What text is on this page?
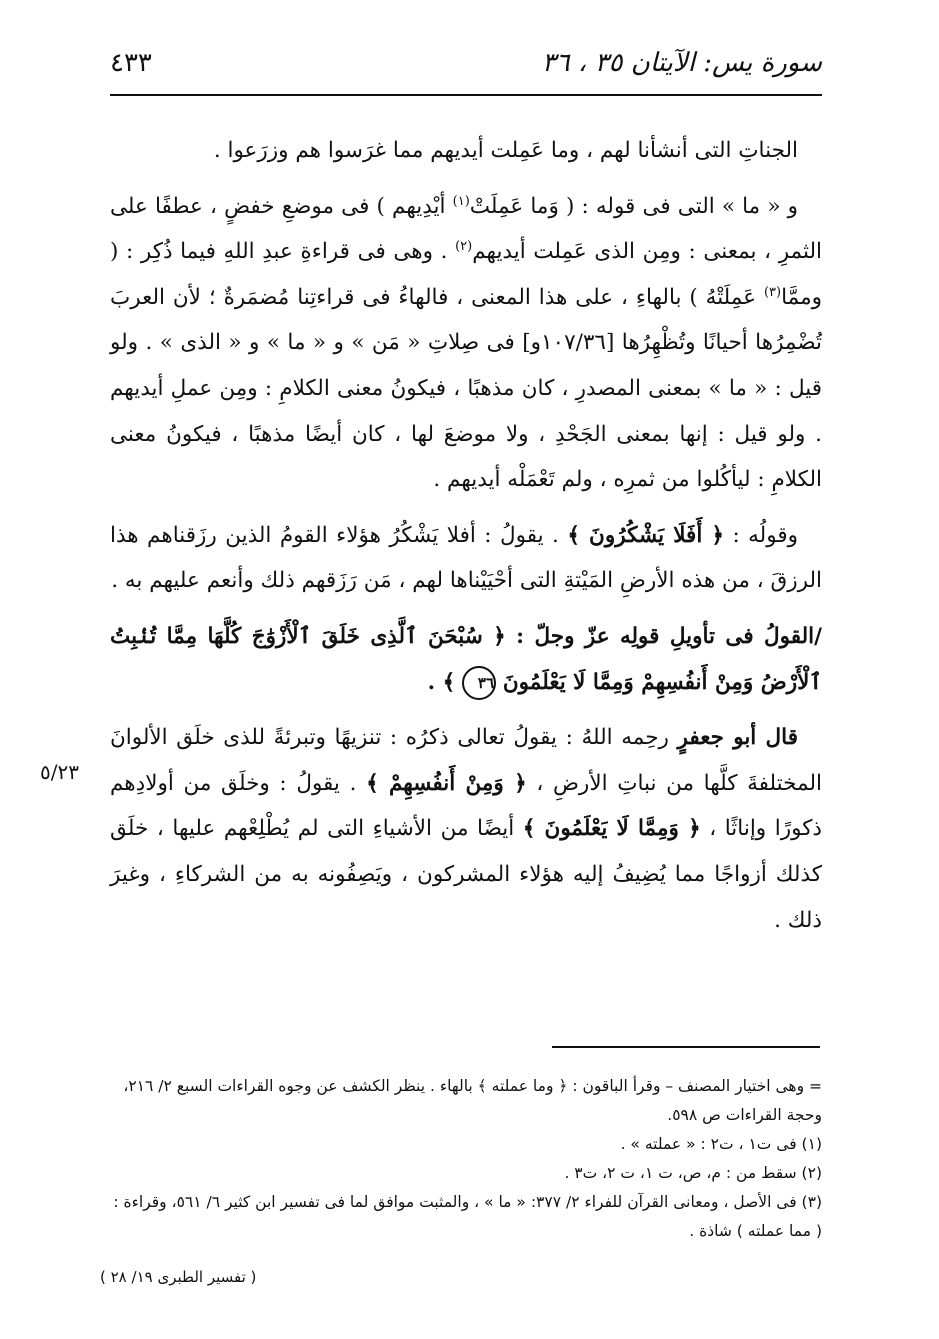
٤٣٣	سورة يس: الآيتان ٣٥ ، ٣٦

الجناتِ التى أنشأنا لهم ، وما عَمِلت أيديهم مما غرَسوا هم وزرَعوا .

و « ما » التى فى قوله : ( وَما عَمِلَتْ$^{(١)}$ أيْدِيهم ) فى موضعِ خفضٍ ، عطفًا على الثمرِ ، بمعنى : ومِن الذى عَمِلت أيديهم$^{(٢)}$ . وهى فى قراءةِ عبدِ اللهِ فيما ذُكِر : ( وممَّا$^{(٣)}$ عَمِلَتْهُ ) بالهاءِ ، على هذا المعنى ، فالهاءُ فى قراءتِنا مُضمَرةٌ ؛ لأن العربَ تُضْمِرُها أحيانًا وتُظْهِرُها [١٠٧/٣٦و] فى صِلاتِ « مَن » و « ما » و « الذى » . ولو قيل : « ما » بمعنى المصدرِ ، كان مذهبًا ، فيكونُ معنى الكلامِ : ومِن عملِ أيديهم . ولو قيل : إنها بمعنى الجَحْدِ ، ولا موضعَ لها ، كان أيضًا مذهبًا ، فيكونُ معنى الكلامِ : ليأكُلوا من ثمرِه ، ولم تَعْمَلْه أيديهم .

وقولُه : ﴿ أَفَلَا يَشْكُرُونَ ﴾ . يقولُ : أفلا يَشْكُرُ هؤلاء القومُ الذين رزَقناهم هذا الرزقَ ، من هذه الأرضِ المَيْتةِ التى أحْيَيْناها لهم ، مَن رَزَقهم ذلك وأنعم عليهم به .

/القولُ فى تأويلِ قولِه عزّ وجلّ : ﴿ سُبْحَنَ ٱلَّذِى خَلَقَ ٱلْأَزْوَٰجَ كُلَّهَا مِمَّا تُنۢبِتُ ٱلْأَرْضُ وَمِنْ أَنفُسِهِمْ وَمِمَّا لَا يَعْلَمُونَ ٣٦ ﴾ .

قال أبو جعفرٍ رحِمه اللهُ : يقولُ تعالى ذكرُه : تنزيهًا وتبرئةً للذى خلَق الألوانَ المختلفةَ كلَّها من نباتِ الأرضِ ، ﴿ وَمِنْ أَنفُسِهِمْ ﴾ . يقولُ : وخلَق من أولادِهم ذكورًا وإناثًا ، ﴿ وَمِمَّا لَا يَعْلَمُونَ ﴾ أيضًا من الأشياءِ التى لم يُطْلِعْهم عليها ، خلَق كذلك أزواجًا مما يُضِيفُ إليه هؤلاء المشركون ، ويَصِفُونه به من الشركاءِ ، وغيرَ ذلك .

٥/٢٣

= وهى اختيار المصنف – وقرأ الباقون : ﴿ وما عملته ﴾ بالهاء . ينظر الكشف عن وجوه القراءات السبع ٢/ ٢١٦، وحجة القراءات ص ٥٩٨.

(١) فى ت١ ، ت٢ : « عملته » .

(٢) سقط من : م، ص، ت ١، ت ٢، ت٣ .

(٣) فى الأصل ، ومعانى القرآن للفراء ٢/ ٣٧٧: « ما » ، والمثبت موافق لما فى تفسير ابن كثير ٦/ ٥٦١، وقراءة : ( مما عملته ) شاذة .

( تفسير الطبرى ١٩/ ٢٨ )
